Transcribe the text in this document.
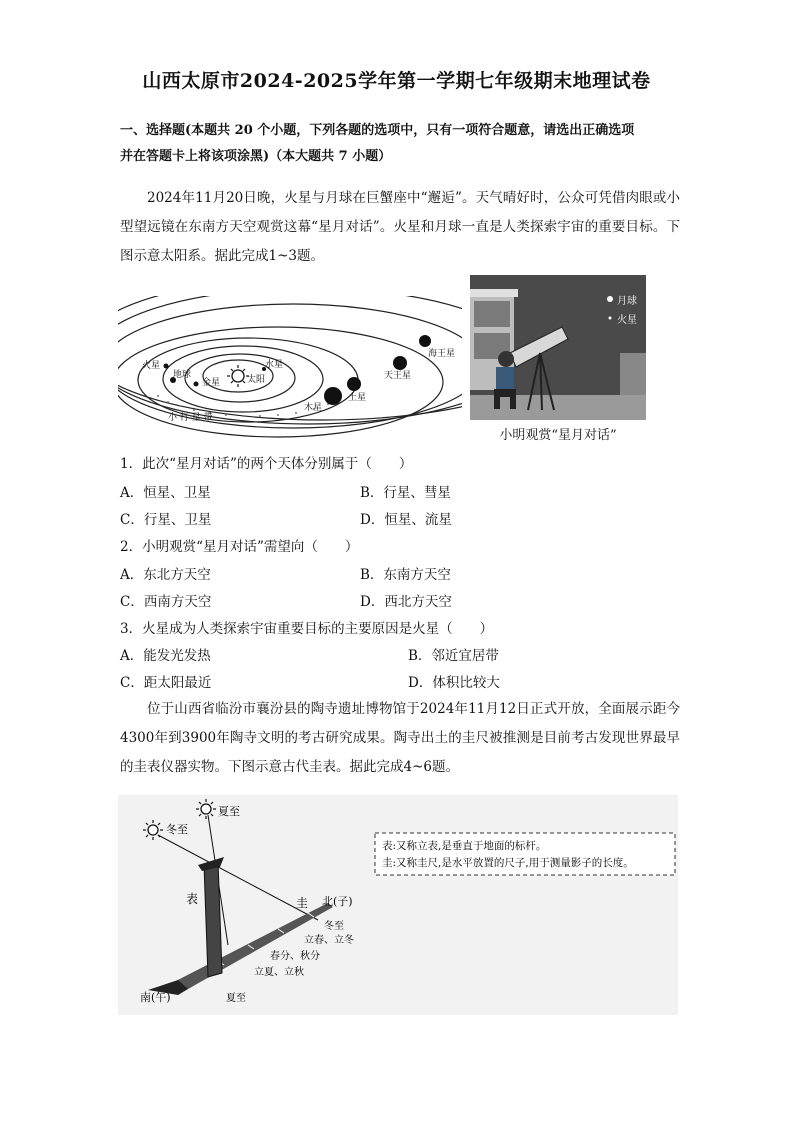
山西太原市2024-2025学年第一学期七年级期末地理试卷
一、选择题(本题共 20 个小题，下列各题的选项中，只有一项符合题意，请选出正确选项
并在答题卡上将该项涂黑)（本大题共 7 小题）
2024年11月20日晚，火星与月球在巨蟹座中“邂逅”。天气晴好时，公众可凭借肉眼或小型望远镜在东南方天空观赏这幕“星月对话”。火星和月球一直是人类探索宇宙的重要目标。下图示意太阳系。据此完成1~3题。
火星
地球
金星
水星
太阳
木星
土星
天王星
海王星
小 行 星 带
月球
火星
小明观赏“星月对话”
1．此次“星月对话”的两个天体分别属于（　　）
A．恒星、卫星	B．行星、彗星
C．行星、卫星	D．恒星、流星
2．小明观赏“星月对话”需望向（　　）
A．东北方天空	B．东南方天空
C．西南方天空	D．西北方天空
3．火星成为人类探索宇宙重要目标的主要原因是火星（　　）
A．能发光发热	B．邻近宜居带
C．距太阳最近	D．体积比较大
位于山西省临汾市襄汾县的陶寺遗址博物馆于2024年11月12日正式开放，全面展示距今4300年到3900年陶寺文明的考古研究成果。陶寺出土的圭尺被推测是目前考古发现世界最早的圭表仪器实物。下图示意古代圭表。据此完成4~6题。
冬至
夏至
表	圭 北(子)
冬至
立春、立冬
春分、秋分
立夏、立秋
南(午)	夏至
表:又称立表,是垂直于地面的标杆。
圭:又称圭尺,是水平放置的尺子,用于测量影子的长度。
